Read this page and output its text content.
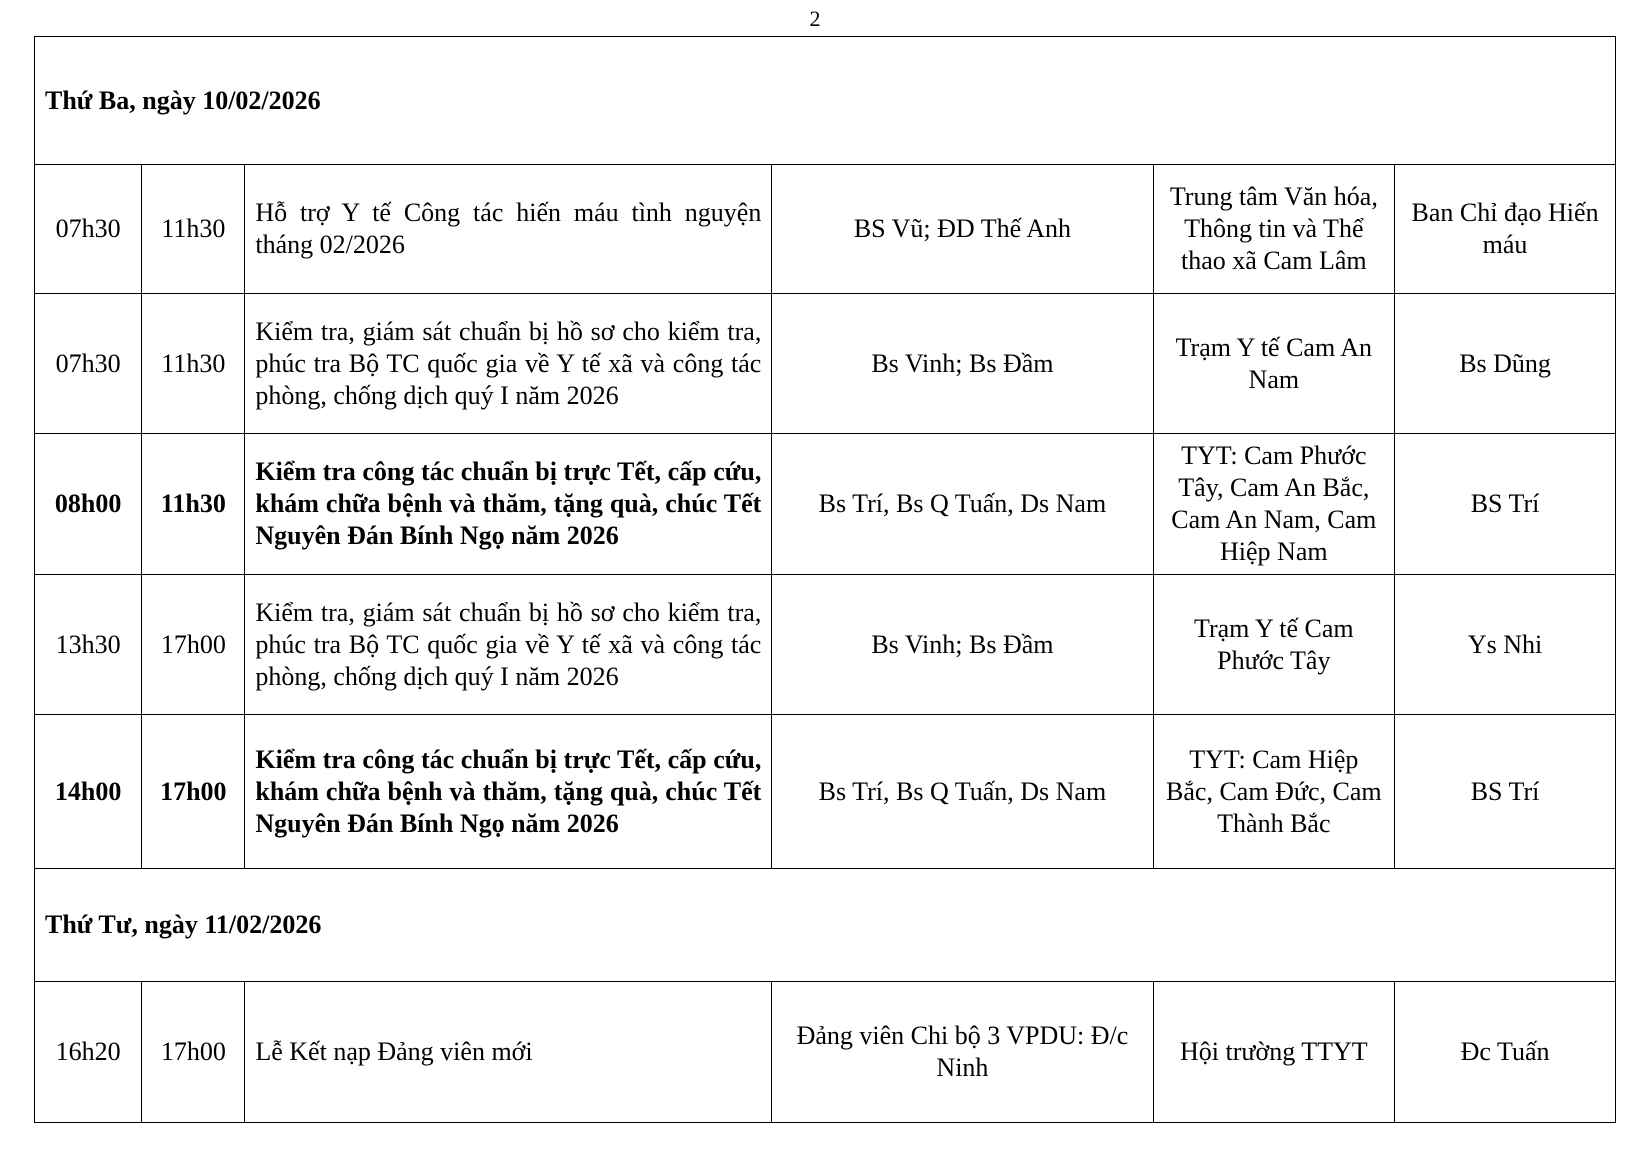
2
Thứ Ba, ngày 10/02/2026					
07h30	11h30	Hỗ trợ Y tế Công tác hiến máu tình nguyện tháng 02/2026	BS Vũ; ĐD Thế Anh	Trung tâm Văn hóa, Thông tin và Thể thao xã Cam Lâm	Ban Chỉ đạo Hiến máu
07h30	11h30	Kiểm tra, giám sát chuẩn bị hồ sơ cho kiểm tra, phúc tra Bộ TC quốc gia về Y tế xã và công tác phòng, chống dịch quý I năm 2026	Bs Vinh; Bs Đầm	Trạm Y tế Cam An Nam	Bs Dũng
08h00	11h30	Kiểm tra công tác chuẩn bị trực Tết, cấp cứu, khám chữa bệnh và thăm, tặng quà, chúc Tết Nguyên Đán Bính Ngọ năm 2026	Bs Trí, Bs Q Tuấn, Ds Nam	TYT: Cam Phước Tây, Cam An Bắc, Cam An Nam, Cam Hiệp Nam	BS Trí
13h30	17h00	Kiểm tra, giám sát chuẩn bị hồ sơ cho kiểm tra, phúc tra Bộ TC quốc gia về Y tế xã và công tác phòng, chống dịch quý I năm 2026	Bs Vinh; Bs Đầm	Trạm Y tế Cam Phước Tây	Ys Nhi
14h00	17h00	Kiểm tra công tác chuẩn bị trực Tết, cấp cứu, khám chữa bệnh và thăm, tặng quà, chúc Tết Nguyên Đán Bính Ngọ năm 2026	Bs Trí, Bs Q Tuấn, Ds Nam	TYT: Cam Hiệp Bắc, Cam Đức, Cam Thành Bắc	BS Trí
Thứ Tư, ngày 11/02/2026					
16h20	17h00	Lễ Kết nạp Đảng viên mới	Đảng viên Chi bộ 3 VPDU: Đ/c Ninh	Hội trường TTYT	Đc Tuấn
